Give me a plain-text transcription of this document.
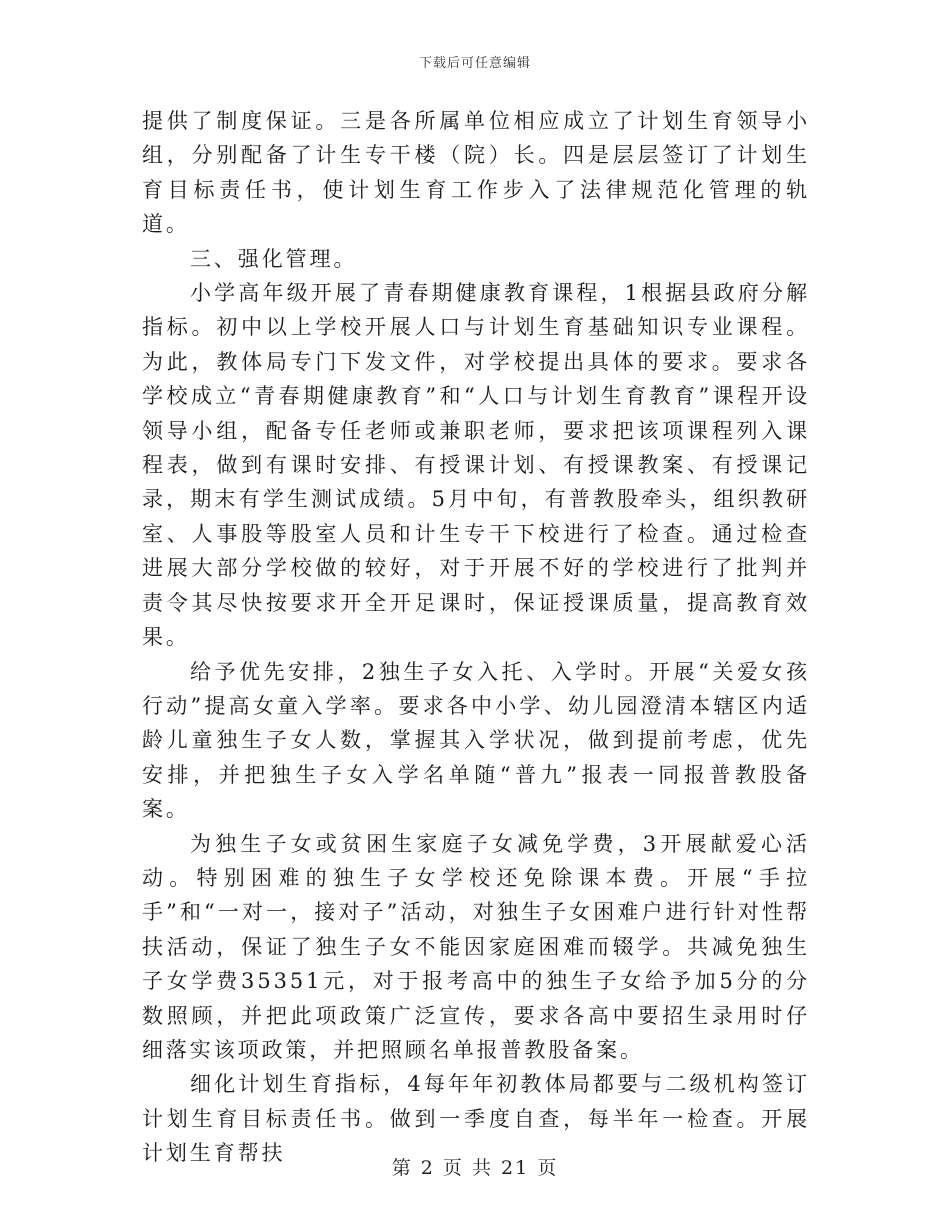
下载后可任意编辑

提供了制度保证。三是各所属单位相应成立了计划生育领导小组，分别配备了计生专干楼（院）长。四是层层签订了计划生育目标责任书，使计划生育工作步入了法律规范化管理的轨道。

三、强化管理。

小学高年级开展了青春期健康教育课程，1根据县政府分解指标。初中以上学校开展人口与计划生育基础知识专业课程。为此，教体局专门下发文件，对学校提出具体的要求。要求各学校成立“青春期健康教育”和“人口与计划生育教育”课程开设领导小组，配备专任老师或兼职老师，要求把该项课程列入课程表，做到有课时安排、有授课计划、有授课教案、有授课记录，期末有学生测试成绩。5月中旬，有普教股牵头，组织教研室、人事股等股室人员和计生专干下校进行了检查。通过检查进展大部分学校做的较好，对于开展不好的学校进行了批判并责令其尽快按要求开全开足课时，保证授课质量，提高教育效果。

给予优先安排，2独生子女入托、入学时。开展“关爱女孩行动”提高女童入学率。要求各中小学、幼儿园澄清本辖区内适龄儿童独生子女人数，掌握其入学状况，做到提前考虑，优先安排，并把独生子女入学名单随“普九”报表一同报普教股备案。

为独生子女或贫困生家庭子女减免学费，3开展献爱心活动。特别困难的独生子女学校还免除课本费。开展“手拉手”和“一对一，接对子”活动，对独生子女困难户进行针对性帮扶活动，保证了独生子女不能因家庭困难而辍学。共减免独生子女学费35351元，对于报考高中的独生子女给予加5分的分数照顾，并把此项政策广泛宣传，要求各高中要招生录用时仔细落实该项政策，并把照顾名单报普教股备案。

细化计划生育指标，4每年年初教体局都要与二级机构签订计划生育目标责任书。做到一季度自查，每半年一检查。开展计划生育帮扶

第 2 页 共 21 页
